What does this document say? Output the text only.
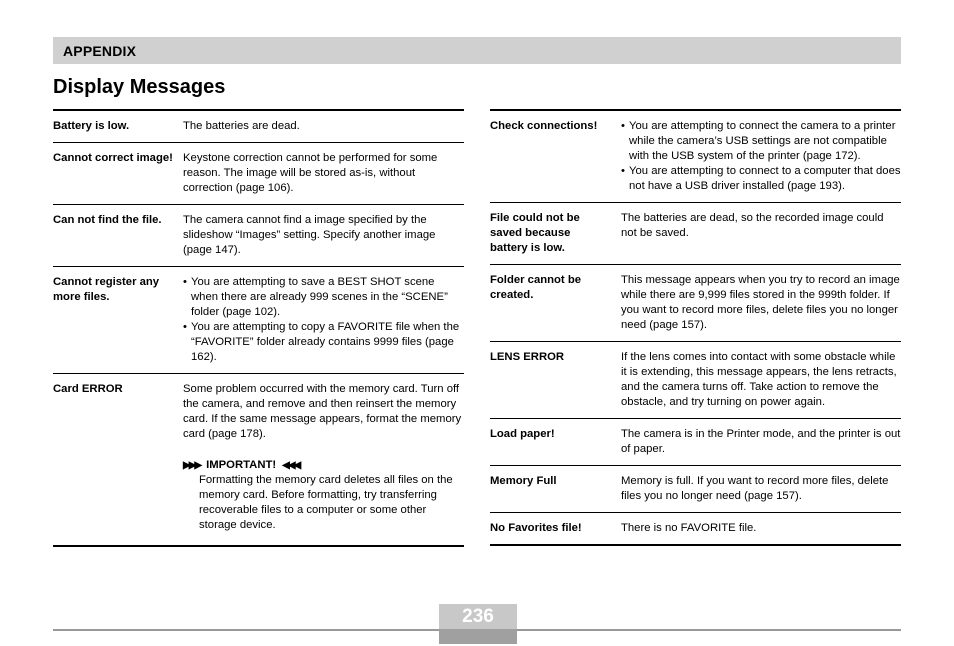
APPENDIX
Display Messages
Battery is low.	The batteries are dead.
Cannot correct image! Keystone correction cannot be performed for some reason. The image will be stored as-is, without correction (page 106).
Can not find the file.	The camera cannot find a image specified by the slideshow “Images” setting. Specify another image (page 147).
Cannot register any more files.
• You are attempting to save a BEST SHOT scene when there are already 999 scenes in the “SCENE” folder (page 102).
• You are attempting to copy a FAVORITE file when the “FAVORITE” folder already contains 9999 files (page 162).
Card ERROR	Some problem occurred with the memory card. Turn off the camera, and remove and then reinsert the memory card. If the same message appears, format the memory card (page 178).
▶▶▶ IMPORTANT! ◀◀◀
Formatting the memory card deletes all files on the memory card. Before formatting, try transferring recoverable files to a computer or some other storage device.
Check connections!
•	You are attempting to connect the camera to a printer while the camera’s USB settings are not compatible with the USB system of the printer (page 172).
• You are attempting to connect to a computer that does not have a USB driver installed (page 193).
File could not be saved because battery is low.
The batteries are dead, so the recorded image could not be saved.
Folder cannot be created.
This message appears when you try to record an image while there are 9,999 files stored in the 999th folder. If you want to record more files, delete files you no longer need (page 157).
LENS ERROR	If the lens comes into contact with some obstacle while it is extending, this message appears, the lens retracts, and the camera turns off. Take action to remove the obstacle, and try turning on power again.
Load paper!	The camera is in the Printer mode, and the printer is out of paper.
Memory Full	Memory is full. If you want to record more files, delete files you no longer need (page 157).
No Favorites file!	There is no FAVORITE file.
236
